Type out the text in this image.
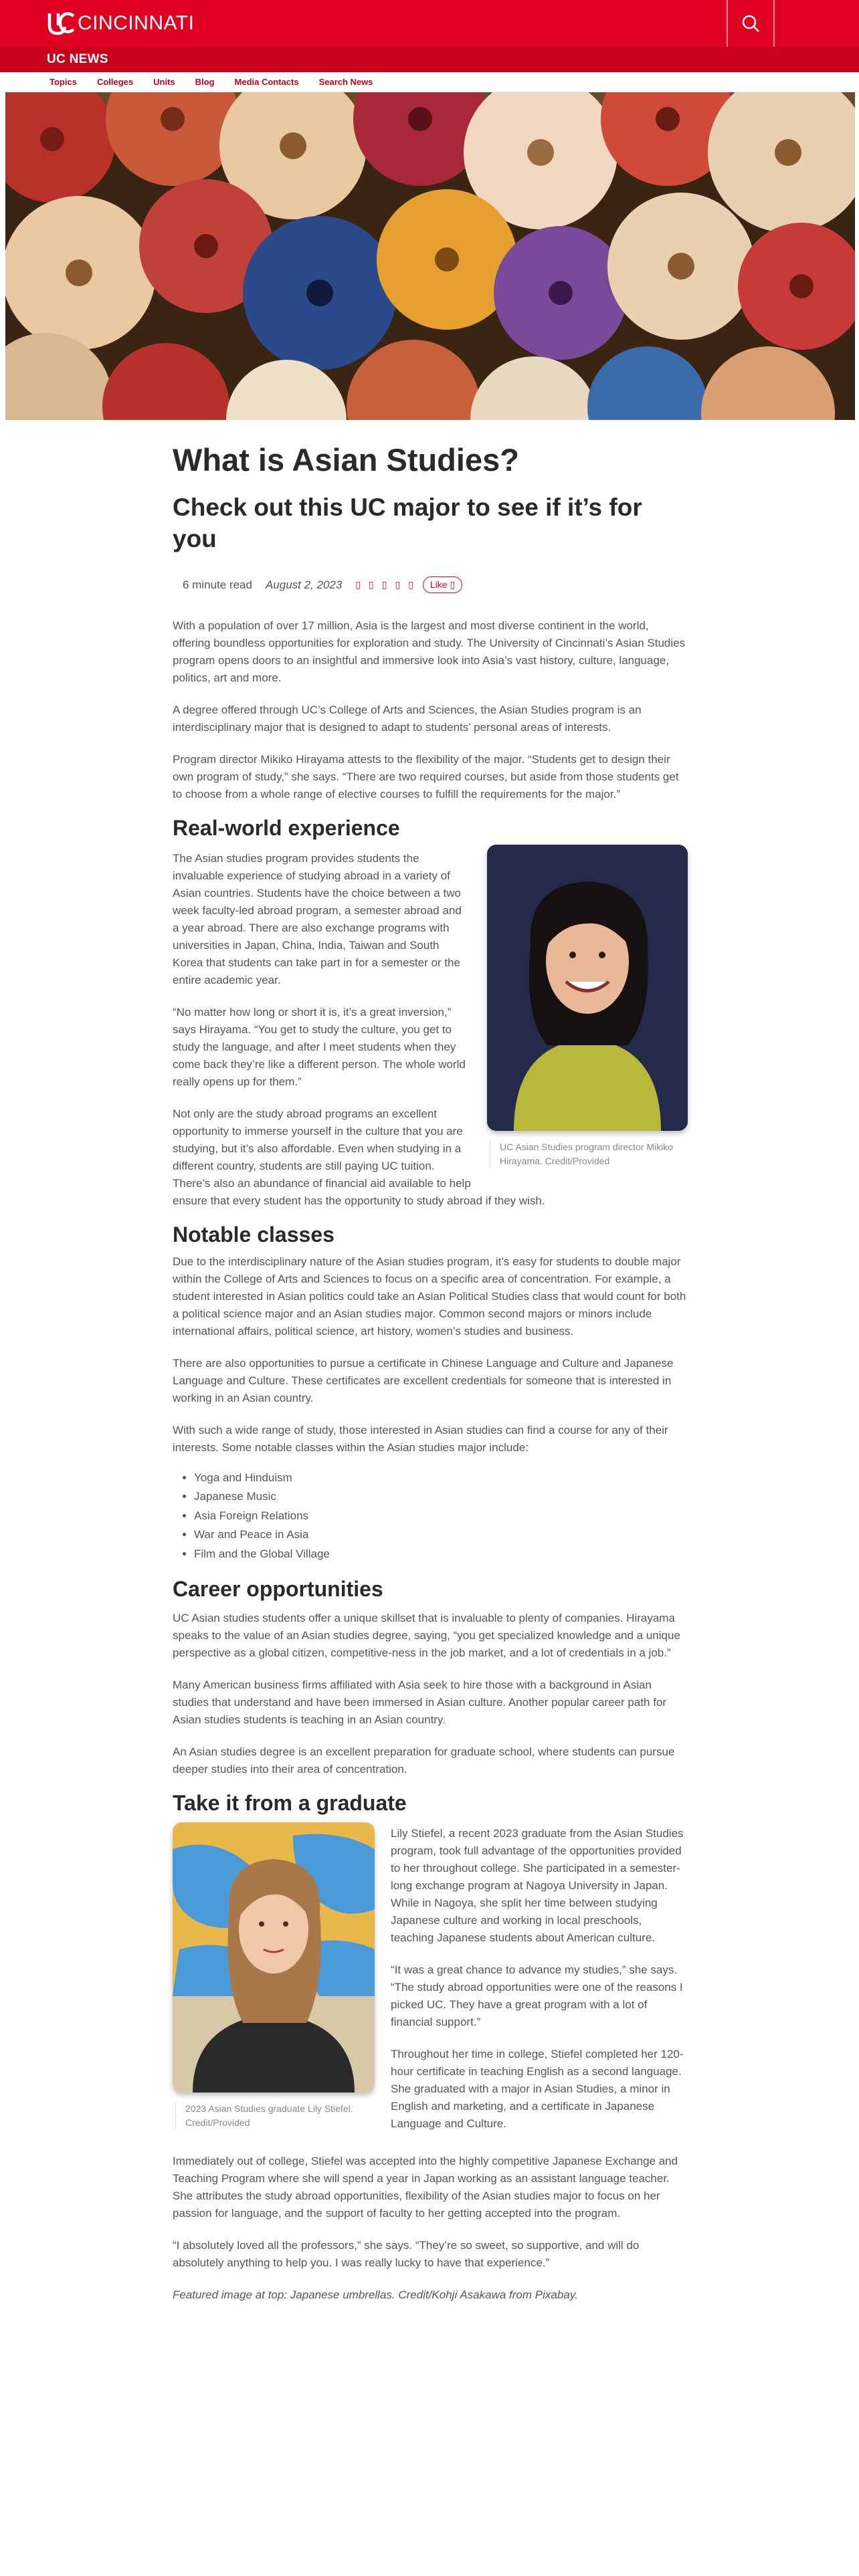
CINCINNATI
UC NEWS
Topics Colleges Units Blog Media Contacts Search News
What is Asian Studies?
Check out this UC major to see if it’s for you
6 minute read August 2, 2023 ▯ ▯ ▯ ▯ ▯	Like ▯

With a population of over 17 million, Asia is the largest and most diverse continent in the world, offering boundless opportunities for exploration and study. The University of Cincinnati’s Asian Studies program opens doors to an insightful and immersive look into Asia’s vast history, culture, language, politics, art and more.

A degree offered through UC’s College of Arts and Sciences, the Asian Studies program is an interdisciplinary major that is designed to adapt to students’ personal areas of interests.

Program director Mikiko Hirayama attests to the flexibility of the major. “Students get to design their own program of study,” she says. “There are two required courses, but aside from those students get to choose from a whole range of elective courses to fulfill the requirements for the major.”

Real-world experience
UC Asian Studies program director Mikiko Hirayama. Credit/Provided

The Asian studies program provides students the invaluable experience of studying abroad in a variety of Asian countries. Students have the choice between a two week faculty-led abroad program, a semester abroad and a year abroad. There are also exchange programs with universities in Japan, China, India, Taiwan and South Korea that students can take part in for a semester or the entire academic year.

“No matter how long or short it is, it’s a great inversion,” says Hirayama. “You get to study the culture, you get to study the language, and after I meet students when they come back they’re like a different person. The whole world really opens up for them.”

Not only are the study abroad programs an excellent opportunity to immerse yourself in the culture that you are studying, but it’s also affordable. Even when studying in a different country, students are still paying UC tuition. There’s also an abundance of financial aid available to help ensure that every student has the opportunity to study abroad if they wish.

Notable classes

Due to the interdisciplinary nature of the Asian studies program, it’s easy for students to double major within the College of Arts and Sciences to focus on a specific area of concentration. For example, a student interested in Asian politics could take an Asian Political Studies class that would count for both a political science major and an Asian studies major. Common second majors or minors include international affairs, political science, art history, women’s studies and business.

There are also opportunities to pursue a certificate in Chinese Language and Culture and Japanese Language and Culture. These certificates are excellent credentials for someone that is interested in working in an Asian country.

With such a wide range of study, those interested in Asian studies can find a course for any of their interests. Some notable classes within the Asian studies major include:

• Yoga and Hinduism
• Japanese Music
• Asia Foreign Relations
• War and Peace in Asia
• Film and the Global Village
Career opportunities

UC Asian studies students offer a unique skillset that is invaluable to plenty of companies. Hirayama speaks to the value of an Asian studies degree, saying, “you get specialized knowledge and a unique perspective as a global citizen, competitive-ness in the job market, and a lot of credentials in a job.”

Many American business firms affiliated with Asia seek to hire those with a background in Asian studies that understand and have been immersed in Asian culture. Another popular career path for Asian studies students is teaching in an Asian country.

An Asian studies degree is an excellent preparation for graduate school, where students can pursue deeper studies into their area of concentration.

Take it from a graduate
2023 Asian Studies graduate Lily Stiefel. Credit/Provided

Lily Stiefel, a recent 2023 graduate from the Asian Studies program, took full advantage of the opportunities provided to her throughout college. She participated in a semester-long exchange program at Nagoya University in Japan. While in Nagoya, she split her time between studying Japanese culture and working in local preschools, teaching Japanese students about American culture.

“It was a great chance to advance my studies,” she says. “The study abroad opportunities were one of the reasons I picked UC. They have a great program with a lot of financial support.”

Throughout her time in college, Stiefel completed her 120-hour certificate in teaching English as a second language. She graduated with a major in Asian Studies, a minor in English and marketing, and a certificate in Japanese Language and Culture.

Immediately out of college, Stiefel was accepted into the highly competitive Japanese Exchange and Teaching Program where she will spend a year in Japan working as an assistant language teacher. She attributes the study abroad opportunities, flexibility of the Asian studies major to focus on her passion for language, and the support of faculty to her getting accepted into the program.

“I absolutely loved all the professors,” she says. “They’re so sweet, so supportive, and will do absolutely anything to help you. I was really lucky to have that experience.”

Featured image at top: Japanese umbrellas. Credit/Kohji Asakawa from Pixabay.
